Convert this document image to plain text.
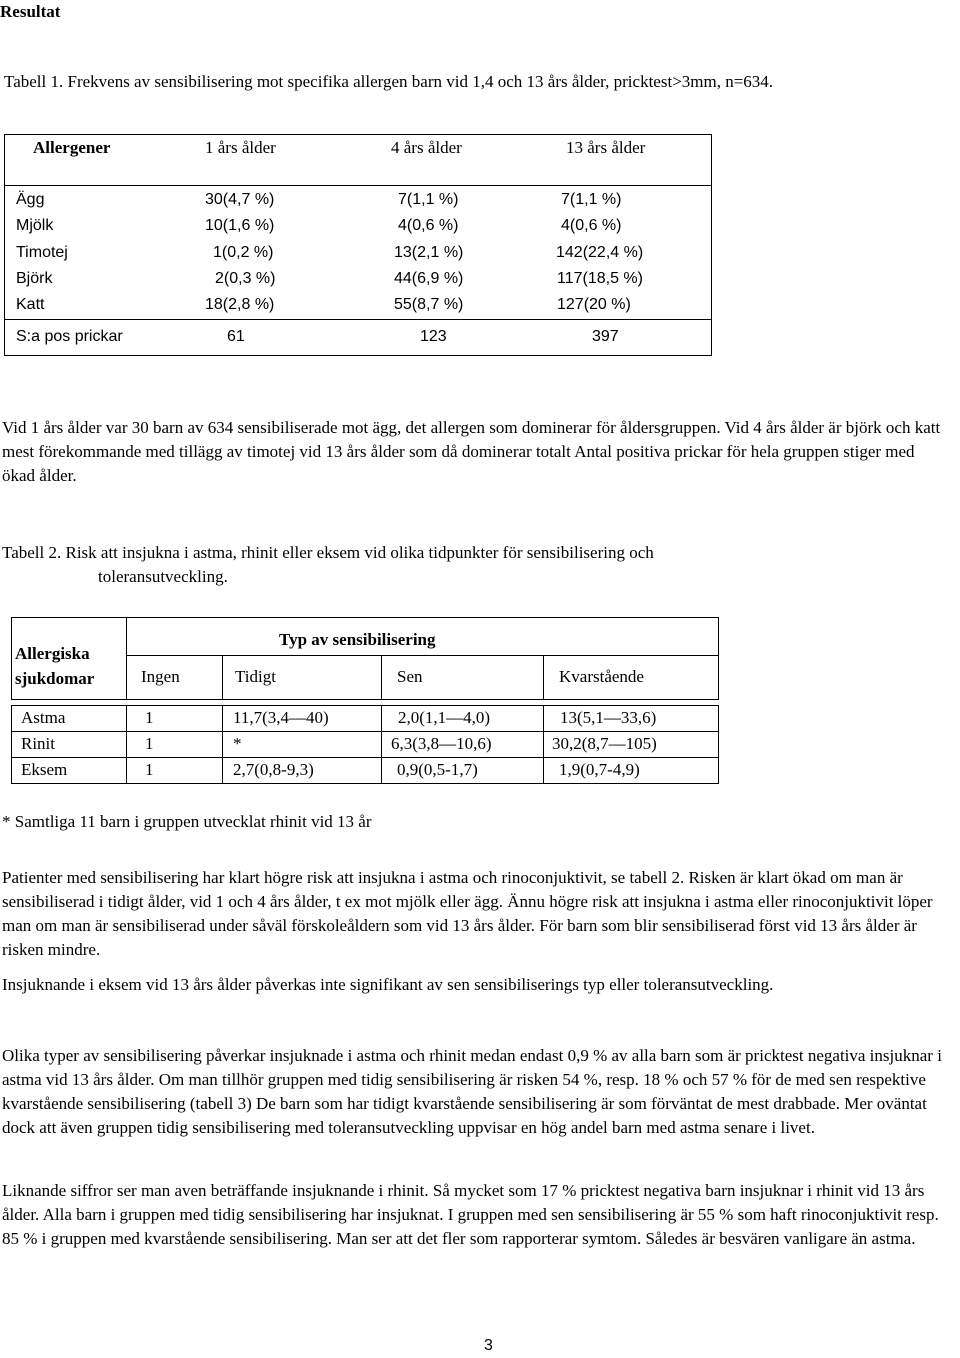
Resultat
Tabell 1. Frekvens av sensibilisering mot specifika allergen barn vid 1,4 och 13 års ålder, pricktest>3mm, n=634.
Allergener	1 års ålder	4 års ålder	13 års ålder
Ägg	30(4,7 %)	7(1,1 %)	7(1,1 %)
Mjölk	10(1,6 %)	4(0,6 %)	4(0,6 %)
Timotej	1(0,2 %)	13(2,1 %)	142(22,4 %)
Björk	2(0,3 %)	44(6,9 %)	117(18,5 %)
Katt	18(2,8 %)	55(8,7 %)	127(20 %)
S:a pos prickar	61	123	397

Vid 1 års ålder var 30 barn av 634 sensibiliserade mot ägg, det allergen som dominerar för åldersgruppen. Vid 4 års ålder är björk och katt mest förekommande med tillägg av timotej vid 13 års ålder som då dominerar totalt Antal positiva prickar för hela gruppen stiger med ökad ålder.

Tabell 2. Risk att insjukna i astma, rhinit eller eksem vid olika tidpunkter för sensibilisering och
toleransutveckling.
Allergiska
sjukdomar
Typ av sensibilisering
Ingen	Tidigt	Sen	Kvarstående
Astma	1	11,7(3,4—40)	2,0(1,1—4,0)	13(5,1—33,6)
Rinit	1	*	6,3(3,8—10,6)	30,2(8,7—105)
Eksem	1	2,7(0,8-9,3)	0,9(0,5-1,7)	1,9(0,7-4,9)
* Samtliga 11 barn i gruppen utvecklat rhinit vid 13 år

Patienter med sensibilisering har klart högre risk att insjukna i astma och rinoconjuktivit, se tabell 2. Risken är klart ökad om man är sensibiliserad i tidigt ålder, vid 1 och 4 års ålder, t ex mot mjölk eller ägg. Ännu högre risk att insjukna i astma eller rinoconjuktivit löper man om man är sensibiliserad under såväl förskoleåldern som vid 13 års ålder. För barn som blir sensibiliserad först vid 13 års ålder är risken mindre.

Insjuknande i eksem vid 13 års ålder påverkas inte signifikant av sen sensibiliserings typ eller toleransutveckling.

Olika typer av sensibilisering påverkar insjuknade i astma och rhinit medan endast 0,9 % av alla barn som är pricktest negativa insjuknar i astma vid 13 års ålder. Om man tillhör gruppen med tidig sensibilisering är risken 54 %, resp. 18 % och 57 % för de med sen respektive kvarstående sensibilisering (tabell 3) De barn som har tidigt kvarstående sensibilisering är som förväntat de mest drabbade. Mer oväntat dock att även gruppen tidig sensibilisering med toleransutveckling uppvisar en hög andel barn med astma senare i livet.

Liknande siffror ser man aven beträffande insjuknande i rhinit. Så mycket som 17 % pricktest negativa barn insjuknar i rhinit vid 13 års ålder. Alla barn i gruppen med tidig sensibilisering har insjuknat. I gruppen med sen sensibilisering är 55 % som haft rinoconjuktivit resp. 85 % i gruppen med kvarstående sensibilisering. Man ser att det fler som rapporterar symtom. Således är besvären vanligare än astma.

3
